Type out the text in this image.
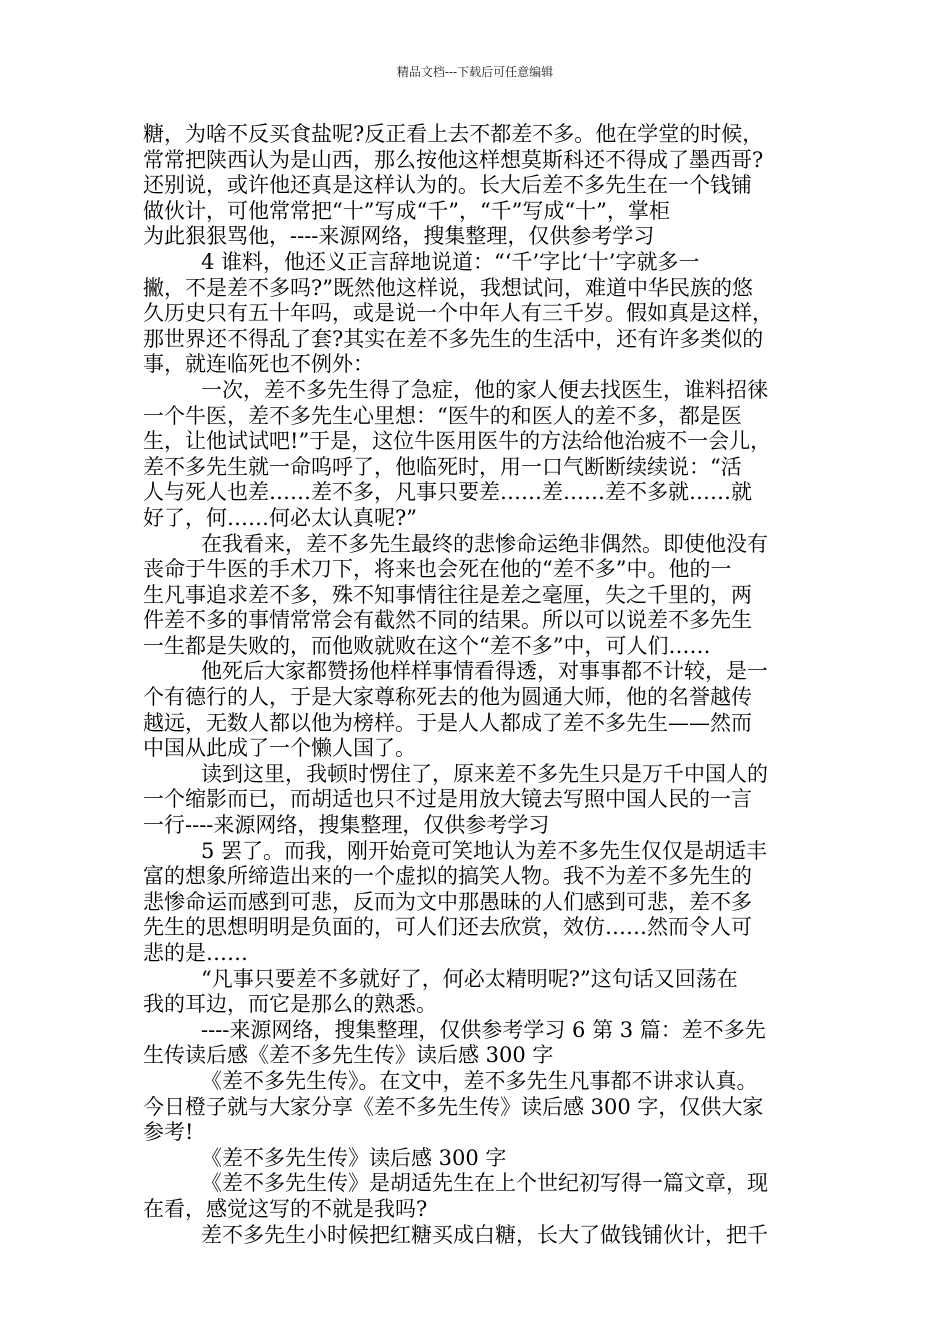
精品文档---下载后可任意编辑
糖，为啥不反买食盐呢?反正看上去不都差不多。他在学堂的时候，
常常把陕西认为是山西，那么按他这样想莫斯科还不得成了墨西哥?
还别说，或许他还真是这样认为的。长大后差不多先生在一个钱铺
做伙计，可他常常把“十”写成“千”，“千”写成“十”，掌柜
为此狠狠骂他，----来源网络，搜集整理，仅供参考学习
4 谁料，他还义正言辞地说道：“‘千’字比‘十’字就多一
撇，不是差不多吗?”既然他这样说，我想试问，难道中华民族的悠
久历史只有五十年吗，或是说一个中年人有三千岁。假如真是这样，
那世界还不得乱了套?其实在差不多先生的生活中，还有许多类似的
事，就连临死也不例外：
一次，差不多先生得了急症，他的家人便去找医生，谁料招徕
一个牛医，差不多先生心里想：“医牛的和医人的差不多，都是医
生，让他试试吧!”于是，这位牛医用医牛的方法给他治疲不一会儿，
差不多先生就一命呜呼了，他临死时，用一口气断断续续说：“活
人与死人也差……差不多，凡事只要差……差……差不多就……就
好了，何……何必太认真呢?”
在我看来，差不多先生最终的悲惨命运绝非偶然。即使他没有
丧命于牛医的手术刀下，将来也会死在他的“差不多”中。他的一
生凡事追求差不多，殊不知事情往往是差之毫厘，失之千里的，两
件差不多的事情常常会有截然不同的结果。所以可以说差不多先生
一生都是失败的，而他败就败在这个“差不多”中，可人们……
他死后大家都赞扬他样样事情看得透，对事事都不计较，是一
个有德行的人，于是大家尊称死去的他为圆通大师，他的名誉越传
越远，无数人都以他为榜样。于是人人都成了差不多先生——然而
中国从此成了一个懒人国了。
读到这里，我顿时愣住了，原来差不多先生只是万千中国人的
一个缩影而已，而胡适也只不过是用放大镜去写照中国人民的一言
一行----来源网络，搜集整理，仅供参考学习
5 罢了。而我，刚开始竟可笑地认为差不多先生仅仅是胡适丰
富的想象所缔造出来的一个虚拟的搞笑人物。我不为差不多先生的
悲惨命运而感到可悲，反而为文中那愚昧的人们感到可悲，差不多
先生的思想明明是负面的，可人们还去欣赏，效仿……然而令人可
悲的是……
“凡事只要差不多就好了，何必太精明呢?”这句话又回荡在
我的耳边，而它是那么的熟悉。
----来源网络，搜集整理，仅供参考学习 6 第 3 篇：差不多先
生传读后感《差不多先生传》读后感 300 字
《差不多先生传》。在文中，差不多先生凡事都不讲求认真。
今日橙子就与大家分享《差不多先生传》读后感 300 字，仅供大家
参考!
《差不多先生传》读后感 300 字
《差不多先生传》是胡适先生在上个世纪初写得一篇文章，现
在看，感觉这写的不就是我吗?
差不多先生小时候把红糖买成白糖，长大了做钱铺伙计，把千
